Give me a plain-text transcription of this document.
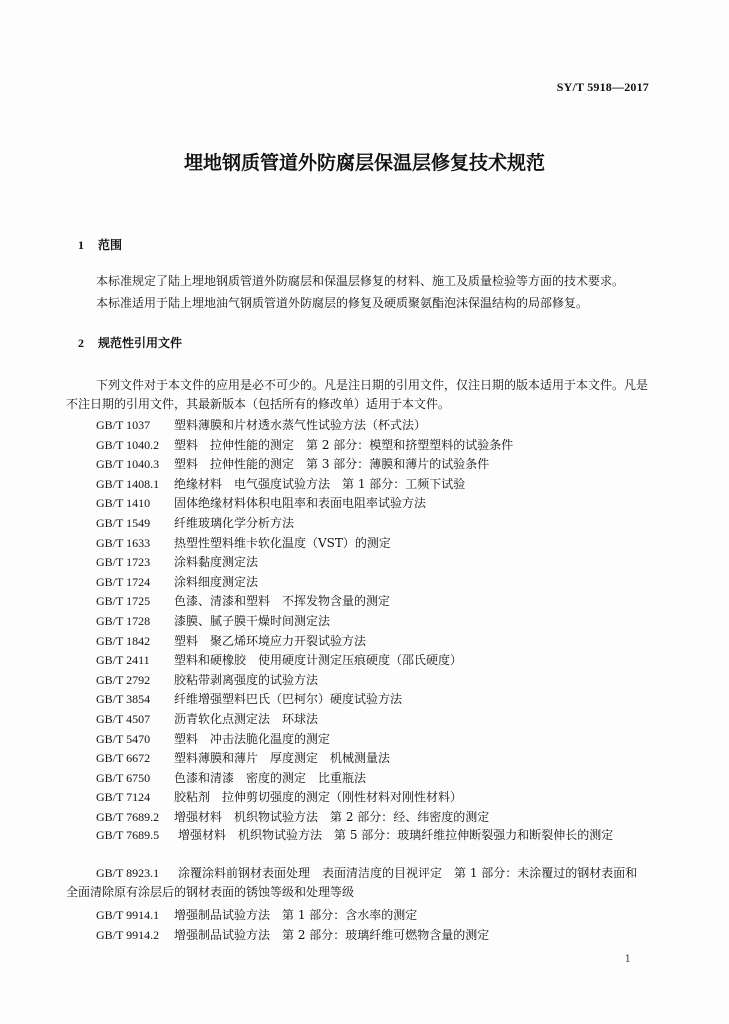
SY/T 5918—2017
埋地钢质管道外防腐层保温层修复技术规范
1 范围
本标准规定了陆上埋地钢质管道外防腐层和保温层修复的材料、施工及质量检验等方面的技术要求。
本标准适用于陆上埋地油气钢质管道外防腐层的修复及硬质聚氨酯泡沫保温结构的局部修复。
2 规范性引用文件
下列文件对于本文件的应用是必不可少的。凡是注日期的引用文件，仅注日期的版本适用于本文件。凡是不注日期的引用文件，其最新版本（包括所有的修改单）适用于本文件。
GB/T 1037 塑料薄膜和片材透水蒸气性试验方法（杯式法）
GB/T 1040.2 塑料　拉伸性能的测定　第 2 部分：模塑和挤塑塑料的试验条件
GB/T 1040.3 塑料　拉伸性能的测定　第 3 部分：薄膜和薄片的试验条件
GB/T 1408.1 绝缘材料　电气强度试验方法　第 1 部分：工频下试验
GB/T 1410 固体绝缘材料体积电阻率和表面电阻率试验方法
GB/T 1549 纤维玻璃化学分析方法
GB/T 1633 热塑性塑料维卡软化温度（VST）的测定
GB/T 1723 涂料黏度测定法
GB/T 1724 涂料细度测定法
GB/T 1725 色漆、清漆和塑料　不挥发物含量的测定
GB/T 1728 漆膜、腻子膜干燥时间测定法
GB/T 1842 塑料　聚乙烯环境应力开裂试验方法
GB/T 2411 塑料和硬橡胶　使用硬度计测定压痕硬度（邵氏硬度）
GB/T 2792 胶粘带剥离强度的试验方法
GB/T 3854 纤维增强塑料巴氏（巴柯尔）硬度试验方法
GB/T 4507 沥青软化点测定法　环球法
GB/T 5470 塑料　冲击法脆化温度的测定
GB/T 6672 塑料薄膜和薄片　厚度测定　机械测量法
GB/T 6750 色漆和清漆　密度的测定　比重瓶法
GB/T 7124 胶粘剂　拉伸剪切强度的测定（刚性材料对刚性材料）
GB/T 7689.2 增强材料　机织物试验方法　第 2 部分：经、纬密度的测定
GB/T 7689.5 增强材料　机织物试验方法　第 5 部分：玻璃纤维拉伸断裂强力和断裂伸长的测定
GB/T 8923.1 涂覆涂料前钢材表面处理　表面清洁度的目视评定　第 1 部分：未涂覆过的钢材表面和全面清除原有涂层后的钢材表面的锈蚀等级和处理等级
GB/T 9914.1 增强制品试验方法　第 1 部分：含水率的测定
GB/T 9914.2 增强制品试验方法　第 2 部分：玻璃纤维可燃物含量的测定
1
